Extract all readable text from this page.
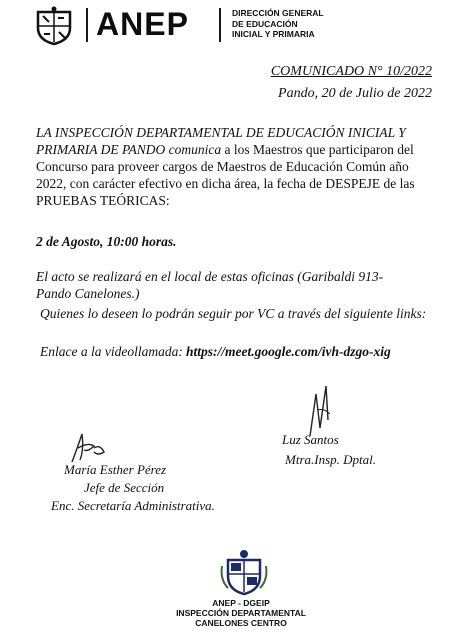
ANEP	DIRECCIÓN GENERAL
DE EDUCACIÓN
INICIAL Y PRIMARIA
COMUNICADO N° 10/2022
Pando, 20 de Julio de 2022
LA INSPECCIÓN DEPARTAMENTAL DE EDUCACIÓN INICIAL Y PRIMARIA DE PANDO comunica a los Maestros que participaron del Concurso para proveer cargos de Maestros de Educación Común año 2022, con carácter efectivo en dicha área, la fecha de DESPEJE de las PRUEBAS TEÓRICAS:
2 de Agosto, 10:00 horas.
El acto se realizará en el local de estas oficinas (Garibaldi 913-Pando Canelones.)
Quienes lo deseen lo podrán seguir por VC a través del siguiente links:
Enlace a la videollamada: https://meet.google.com/ivh-dzgo-xig
Luz Santos
Mtra.Insp. Dptal.
María Esther Pérez
Jefe de Sección
Enc. Secretaría Administrativa.
ANEP - DGEIP
INSPECCIÓN DEPARTAMENTAL
CANELONES CENTRO
